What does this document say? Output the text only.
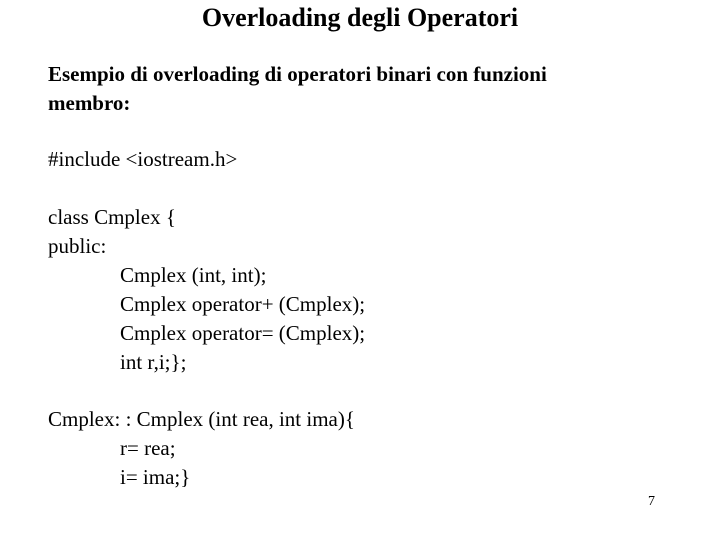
Overloading degli Operatori
Esempio di overloading di operatori binari con funzioni
membro:
#include <iostream.h>
class Cmplex {
public:
Cmplex (int, int);
Cmplex operator+ (Cmplex);
Cmplex operator= (Cmplex);
int r,i;};
Cmplex: : Cmplex (int rea, int ima){
r= rea;
i= ima;}
7
